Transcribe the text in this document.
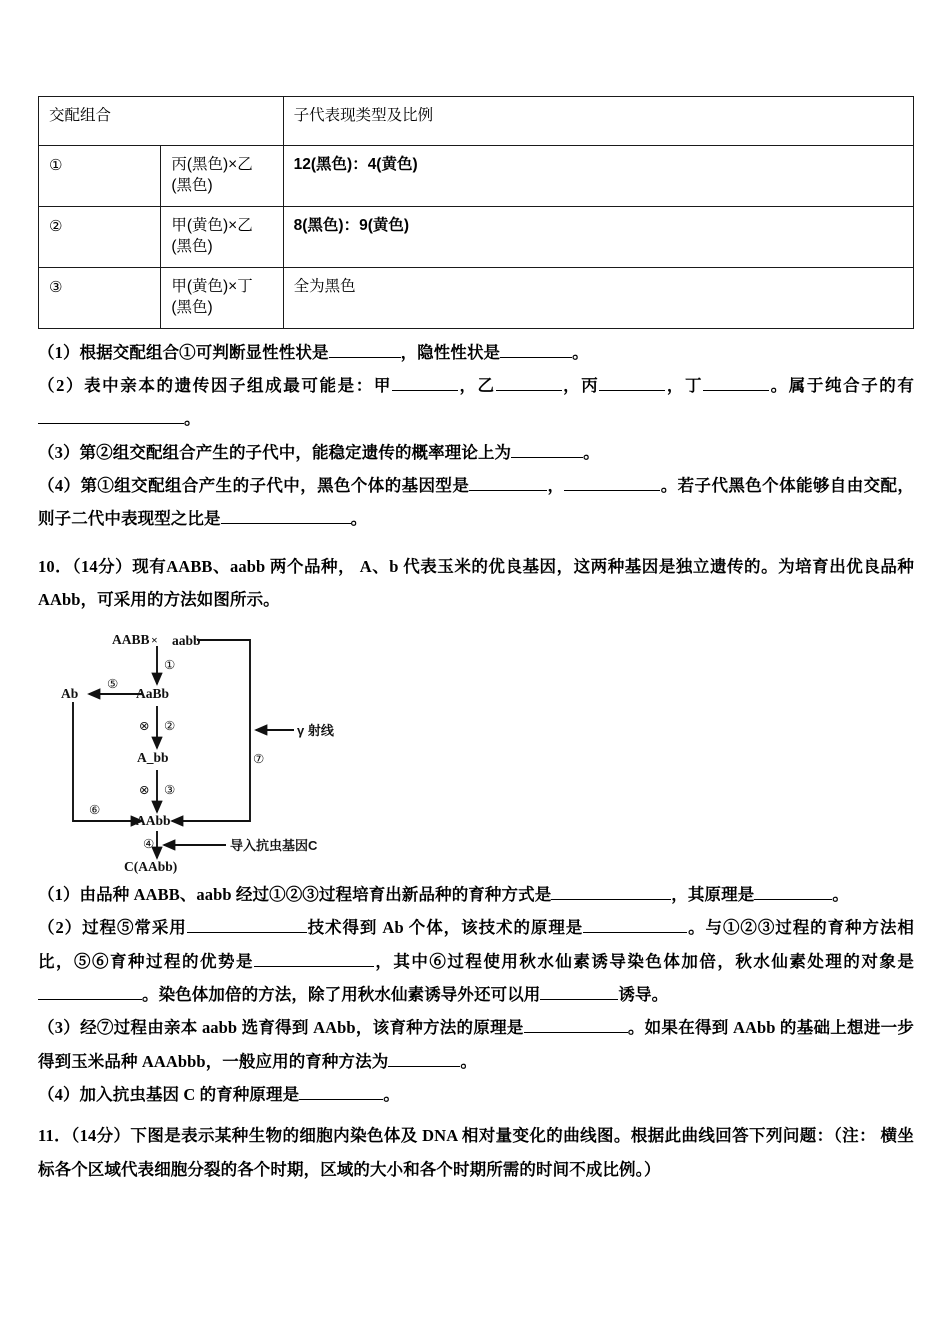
交配组合		子代表现类型及比例
①	丙(黑色)×乙(黑色)	12(黑色)：4(黄色)
②	甲(黄色)×乙(黑色)	8(黑色)：9(黄色)
③	甲(黄色)×丁(黑色)	全为黑色

（1）根据交配组合①可判断显性性状是	，隐性性状是	。

（2）表中亲本的遗传因子组成最可能是：甲	，乙	，丙	，丁	。属于纯合子的有。

（3）第②组交配组合产生的子代中，能稳定遗传的概率理论上为	。

（4）第①组交配组合产生的子代中，黑色个体的基因型是	，	。若子代黑色个体能够自由交配，则子二代中表现型之比是	。

10．（14分）现有AABB、aabb 两个品种， A、b 代表玉米的优良基因，这两种基因是独立遗传的。为培育出优良品种 AAbb，可采用的方法如图所示。

AABB × aabb
AaBb
A_bb
AAbb
Ab
C(AAbb)
①
②
③
④
⑤
⑥
⑦
⊗
⊗
γ 射线
导入抗虫基因C

（1）由品种 AABB、aabb 经过①②③过程培育出新品种的育种方式是	，其原理是	。

（2）过程⑤常采用	技术得到 Ab 个体，该技术的原理是	。与①②③过程的育种方法相比，⑤⑥育种过程的优势是	，其中⑥过程使用秋水仙素诱导染色体加倍，秋水仙素处理的对象是。染色体加倍的方法，除了用秋水仙素诱导外还可以用	诱导。

（3）经⑦过程由亲本 aabb 选育得到 AAbb，该育种方法的原理是	。如果在得到 AAbb 的基础上想进一步得到玉米品种 AAAbbb，一般应用的育种方法为	。

（4）加入抗虫基因 C 的育种原理是	。

11．（14分）下图是表示某种生物的细胞内染色体及 DNA 相对量变化的曲线图。根据此曲线回答下列问题：（注： 横坐标各个区域代表细胞分裂的各个时期，区域的大小和各个时期所需的时间不成比例。）
